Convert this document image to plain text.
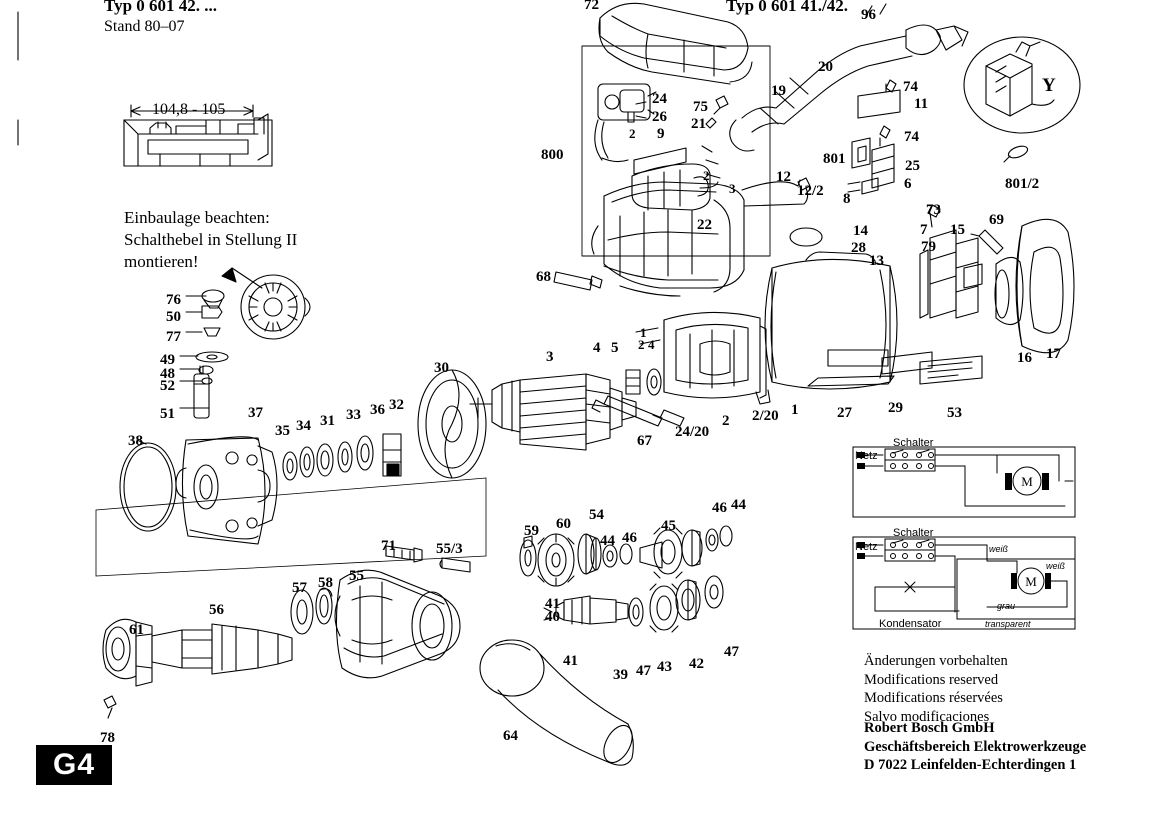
Typ 0 601 42. ...
Stand 80–07
Typ 0 601 41./42.
72
104,8 - 105
Einbaulage beachten:
Schalthebel in Stellung II
montieren!
Y
M
M
Schalter
Netz
Schalter
Netz
Kondensator
weiß
weiß
grau
transparent
Änderungen vorbehalten
Modifications reserved
Modifications réservées
Salvo modificaciones
Robert Bosch GmbH
Geschäftsbereich Elektrowerkzeuge
D 7022 Leinfelden-Echterdingen 1
G4
800
68
24
26
9
2
2
3
22
75
21
19
20
74
11
74
801	25
6
8
12
12/2
96
801/2
73
7
79
15
69
14
28
13
16 17
1
2 2/20	27 29	53
4 5
3
30
67
24/20
1
2 4
76
50
77
49
48
52
51	37
35 34 31 33 36 32
38
56
61
78
57 58 55
71	55/3
59 60
54
44 46
45
46 44
41
40
41
39 47 43 42
47
64
